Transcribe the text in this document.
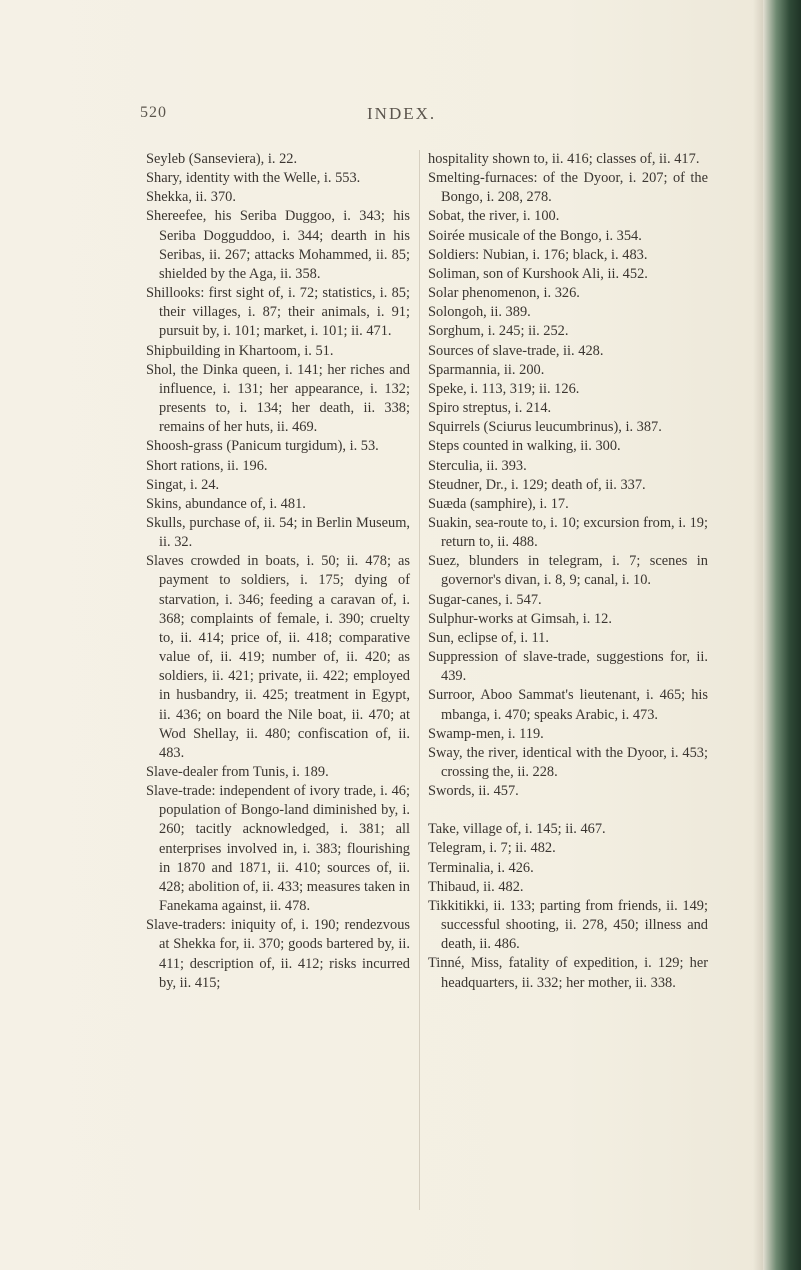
520	INDEX.
Seyleb (Sanseviera), i. 22.
Shary, identity with the Welle, i. 553.
Shekka, ii. 370.
Shereefee, his Seriba Duggoo, i. 343; his Seriba Dogguddoo, i. 344; dearth in his Seribas, ii. 267; attacks Mohammed, ii. 85; shielded by the Aga, ii. 358.
Shillooks: first sight of, i. 72; statistics, i. 85; their villages, i. 87; their animals, i. 91; pursuit by, i. 101; market, i. 101; ii. 471.
Shipbuilding in Khartoom, i. 51.
Shol, the Dinka queen, i. 141; her riches and influence, i. 131; her appearance, i. 132; presents to, i. 134; her death, ii. 338; remains of her huts, ii. 469.
Shoosh-grass (Panicum turgidum), i. 53.
Short rations, ii. 196.
Singat, i. 24.
Skins, abundance of, i. 481.
Skulls, purchase of, ii. 54; in Berlin Museum, ii. 32.
Slaves crowded in boats, i. 50; ii. 478; as payment to soldiers, i. 175; dying of starvation, i. 346; feeding a caravan of, i. 368; complaints of female, i. 390; cruelty to, ii. 414; price of, ii. 418; comparative value of, ii. 419; number of, ii. 420; as soldiers, ii. 421; private, ii. 422; employed in husbandry, ii. 425; treatment in Egypt, ii. 436; on board the Nile boat, ii. 470; at Wod Shellay, ii. 480; confiscation of, ii. 483.
Slave-dealer from Tunis, i. 189.
Slave-trade: independent of ivory trade, i. 46; population of Bongo-land diminished by, i. 260; tacitly acknowledged, i. 381; all enterprises involved in, i. 383; flourishing in 1870 and 1871, ii. 410; sources of, ii. 428; abolition of, ii. 433; measures taken in Fanekama against, ii. 478.
Slave-traders: iniquity of, i. 190; rendezvous at Shekka for, ii. 370; goods bartered by, ii. 411; description of, ii. 412; risks incurred by, ii. 415;
hospitality shown to, ii. 416; classes of, ii. 417.
Smelting-furnaces: of the Dyoor, i. 207; of the Bongo, i. 208, 278.
Sobat, the river, i. 100.
Soirée musicale of the Bongo, i. 354.
Soldiers: Nubian, i. 176; black, i. 483.
Soliman, son of Kurshook Ali, ii. 452.
Solar phenomenon, i. 326.
Solongoh, ii. 389.
Sorghum, i. 245; ii. 252.
Sources of slave-trade, ii. 428.
Sparmannia, ii. 200.
Speke, i. 113, 319; ii. 126.
Spiro streptus, i. 214.
Squirrels (Sciurus leucumbrinus), i. 387.
Steps counted in walking, ii. 300.
Sterculia, ii. 393.
Steudner, Dr., i. 129; death of, ii. 337.
Suæda (samphire), i. 17.
Suakin, sea-route to, i. 10; excursion from, i. 19; return to, ii. 488.
Suez, blunders in telegram, i. 7; scenes in governor's divan, i. 8, 9; canal, i. 10.
Sugar-canes, i. 547.
Sulphur-works at Gimsah, i. 12.
Sun, eclipse of, i. 11.
Suppression of slave-trade, suggestions for, ii. 439.
Surroor, Aboo Sammat's lieutenant, i. 465; his mbanga, i. 470; speaks Arabic, i. 473.
Swamp-men, i. 119.
Sway, the river, identical with the Dyoor, i. 453; crossing the, ii. 228.
Swords, ii. 457.
Take, village of, i. 145; ii. 467.
Telegram, i. 7; ii. 482.
Terminalia, i. 426.
Thibaud, ii. 482.
Tikkitikki, ii. 133; parting from friends, ii. 149; successful shooting, ii. 278, 450; illness and death, ii. 486.
Tinné, Miss, fatality of expedition, i. 129; her headquarters, ii. 332; her mother, ii. 338.
